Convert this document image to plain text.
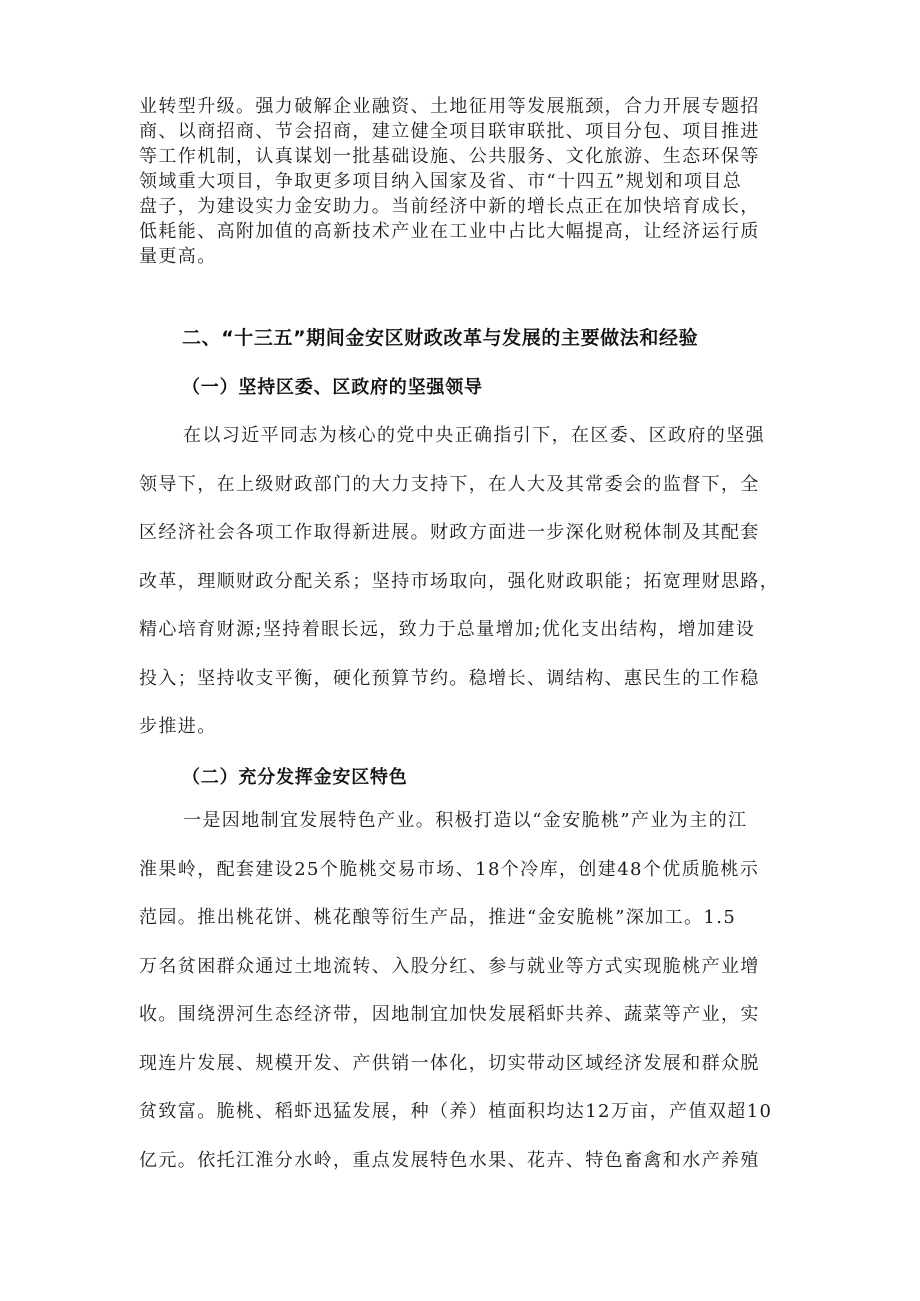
业转型升级。强力破解企业融资、土地征用等发展瓶颈，合力开展专题招
商、以商招商、节会招商，建立健全项目联审联批、项目分包、项目推进
等工作机制，认真谋划一批基础设施、公共服务、文化旅游、生态环保等
领域重大项目，争取更多项目纳入国家及省、市“十四五”规划和项目总
盘子，为建设实力金安助力。当前经济中新的增长点正在加快培育成长，
低耗能、高附加值的高新技术产业在工业中占比大幅提高，让经济运行质
量更高。
二、“十三五”期间金安区财政改革与发展的主要做法和经验
（一）坚持区委、区政府的坚强领导
在以习近平同志为核心的党中央正确指引下，在区委、区政府的坚强
领导下，在上级财政部门的大力支持下，在人大及其常委会的监督下，全
区经济社会各项工作取得新进展。财政方面进一步深化财税体制及其配套
改革，理顺财政分配关系；坚持市场取向，强化财政职能；拓宽理财思路，
精心培育财源;坚持着眼长远，致力于总量增加;优化支出结构，增加建设
投入；坚持收支平衡，硬化预算节约。稳增长、调结构、惠民生的工作稳
步推进。
（二）充分发挥金安区特色
一是因地制宜发展特色产业。积极打造以“金安脆桃”产业为主的江
淮果岭，配套建设25个脆桃交易市场、18个冷库，创建48个优质脆桃示
范园。推出桃花饼、桃花酿等衍生产品，推进“金安脆桃”深加工。1.5
万名贫困群众通过土地流转、入股分红、参与就业等方式实现脆桃产业增
收。围绕淠河生态经济带，因地制宜加快发展稻虾共养、蔬菜等产业，实
现连片发展、规模开发、产供销一体化，切实带动区域经济发展和群众脱
贫致富。脆桃、稻虾迅猛发展，种（养）植面积均达12万亩，产值双超10
亿元。依托江淮分水岭，重点发展特色水果、花卉、特色畜禽和水产养殖
